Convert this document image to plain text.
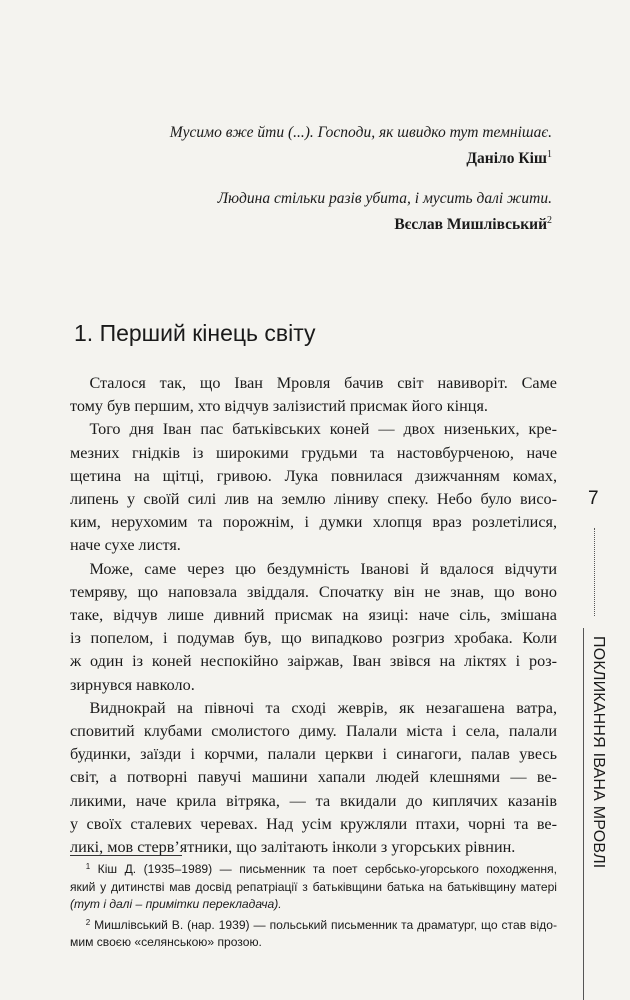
Мусимо вже йти (...). Господи, як швидко тут темнішає.
Даніло Кіш$^1$
Людина стільки разів убита, і мусить далі жити.
Вєслав Мишлівський$^2$
1. Перший кінець світу
Сталося так, що Іван Мровля бачив світ навиворіт. Саме
тому був першим, хто відчув залізистий присмак його кінця.
Того дня Іван пас батьківських коней — двох низеньких, кре-
мезних гнідків із широкими грудьми та настовбурченою, наче
щетина на щітці, гривою. Лука повнилася дзижчанням комах,
липень у своїй силі лив на землю ліниву спеку. Небо було висо-
ким, нерухомим та порожнім, і думки хлопця враз розлетілися,
наче сухе листя.
Може, саме через цю бездумність Іванові й вдалося відчути
темряву, що наповзала звіддаля. Спочатку він не знав, що воно
таке, відчув лише дивний присмак на язиці: наче сіль, змішана
із попелом, і подумав був, що випадково розгриз хробака. Коли
ж один із коней неспокійно заіржав, Іван звівся на ліктях і роз-
зирнувся навколо.
Виднокрай на півночі та сході жеврів, як незагашена ватра,
сповитий клубами смолистого диму. Палали міста і села, палали
будинки, заїзди і корчми, палали церкви і синагоги, палав увесь
світ, а потворні павучі машини хапали людей клешнями — ве-
ликими, наче крила вітряка, — та вкидали до киплячих казанів
у своїх сталевих черевах. Над усім кружляли птахи, чорні та ве-
ликі, мов стерв’ятники, що залітають інколи з угорських рівнин.
$^1$ Кіш Д. (1935–1989) — письменник та поет сербсько-угорського походження,
який у дитинстві мав досвід репатріації з батьківщини батька на батьківщину матері
(тут і далі – примітки перекладача).
$^2$ Мишлівський В. (нар. 1939) — польський письменник та драматург, що став відо-
мим своєю «селянською» прозою.
7
ПОКЛИКАННЯ ІВАНА МРОВЛІ
